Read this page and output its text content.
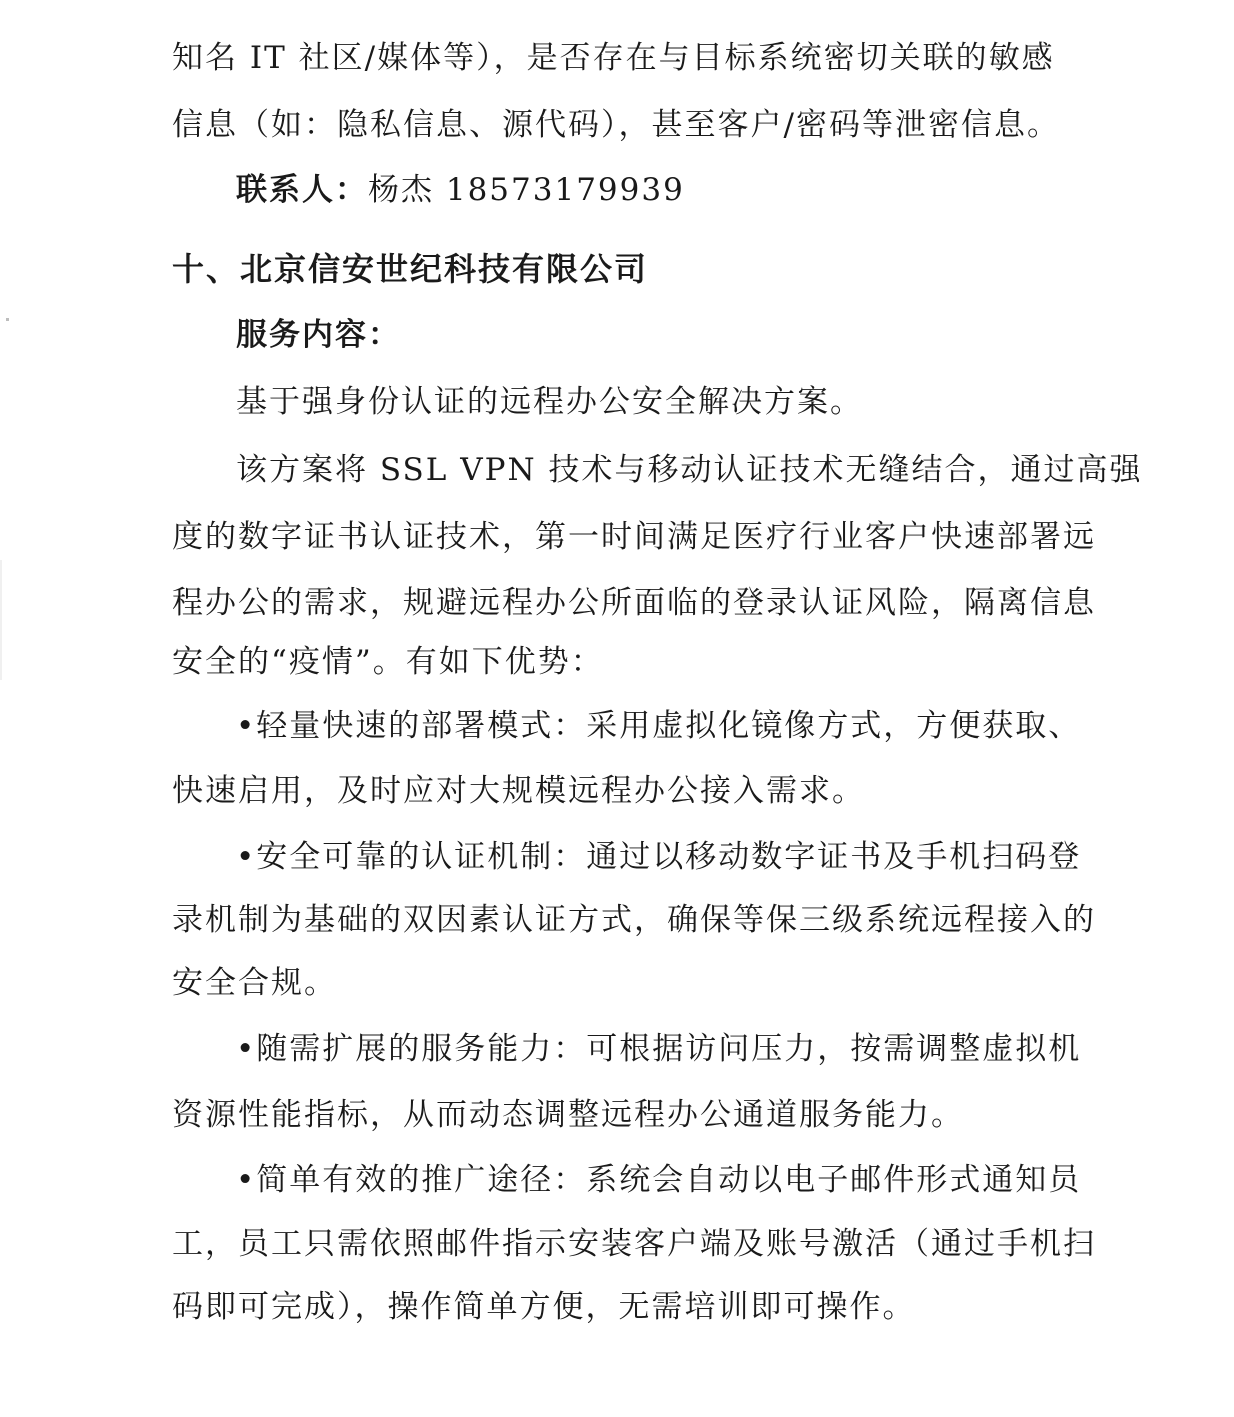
知名 IT 社区/媒体等），是否存在与目标系统密切关联的敏感
信息（如：隐私信息、源代码），甚至客户/密码等泄密信息。
联系人：杨杰 18573179939
十、北京信安世纪科技有限公司
服务内容：
基于强身份认证的远程办公安全解决方案。
该方案将 SSL VPN 技术与移动认证技术无缝结合，通过高强
度的数字证书认证技术，第一时间满足医疗行业客户快速部署远
程办公的需求，规避远程办公所面临的登录认证风险，隔离信息
安全的“疫情”。有如下优势：
•轻量快速的部署模式：采用虚拟化镜像方式，方便获取、
快速启用，及时应对大规模远程办公接入需求。
•安全可靠的认证机制：通过以移动数字证书及手机扫码登
录机制为基础的双因素认证方式，确保等保三级系统远程接入的
安全合规。
•随需扩展的服务能力：可根据访问压力，按需调整虚拟机
资源性能指标，从而动态调整远程办公通道服务能力。
•简单有效的推广途径：系统会自动以电子邮件形式通知员
工，员工只需依照邮件指示安装客户端及账号激活（通过手机扫
码即可完成），操作简单方便，无需培训即可操作。
